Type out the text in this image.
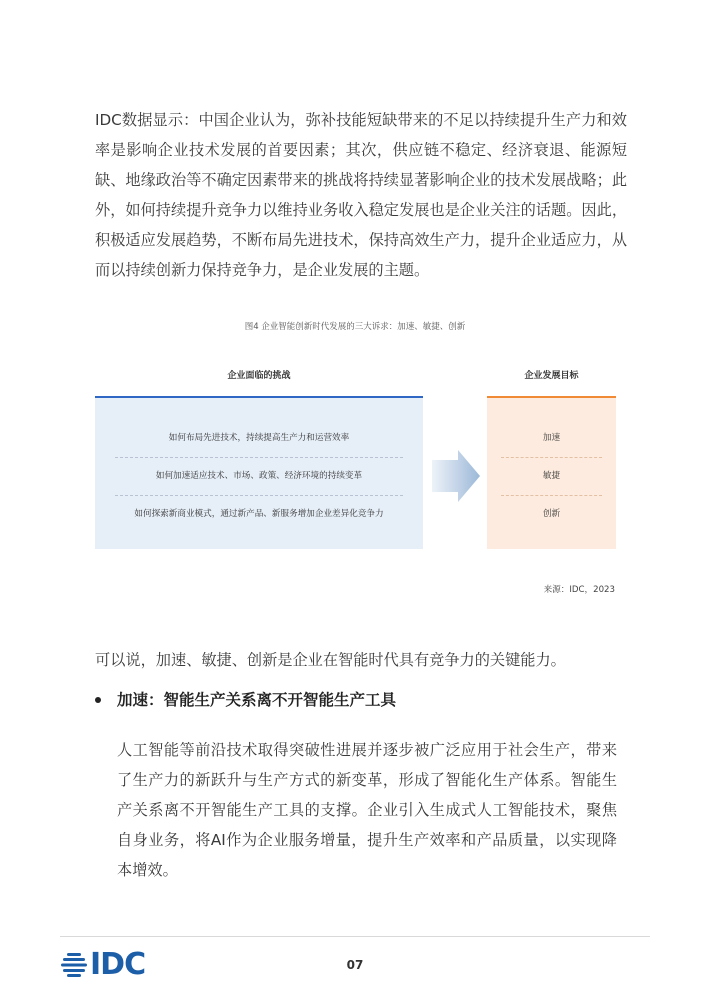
IDC数据显示：中国企业认为，弥补技能短缺带来的不足以持续提升生产力和效率是影响企业技术发展的首要因素；其次，供应链不稳定、经济衰退、能源短缺、地缘政治等不确定因素带来的挑战将持续显著影响企业的技术发展战略；此外，如何持续提升竞争力以维持业务收入稳定发展也是企业关注的话题。因此，积极适应发展趋势，不断布局先进技术，保持高效生产力，提升企业适应力，从而以持续创新力保持竞争力，是企业发展的主题。

图4 企业智能创新时代发展的三大诉求：加速、敏捷、创新

企业面临的挑战	企业发展目标
如何布局先进技术，持续提高生产力和运营效率
如何加速适应技术、市场、政策、经济环境的持续变革
如何探索新商业模式，通过新产品、新服务增加企业差异化竞争力
加速
敏捷
创新

来源：IDC，2023

可以说，加速、敏捷、创新是企业在智能时代具有竞争力的关键能力。

加速：智能生产关系离不开智能生产工具

人工智能等前沿技术取得突破性进展并逐步被广泛应用于社会生产，带来了生产力的新跃升与生产方式的新变革，形成了智能化生产体系。智能生产关系离不开智能生产工具的支撑。企业引入生成式人工智能技术，聚焦自身业务，将AI作为企业服务增量，提升生产效率和产品质量，以实现降本增效。

IDC	07
